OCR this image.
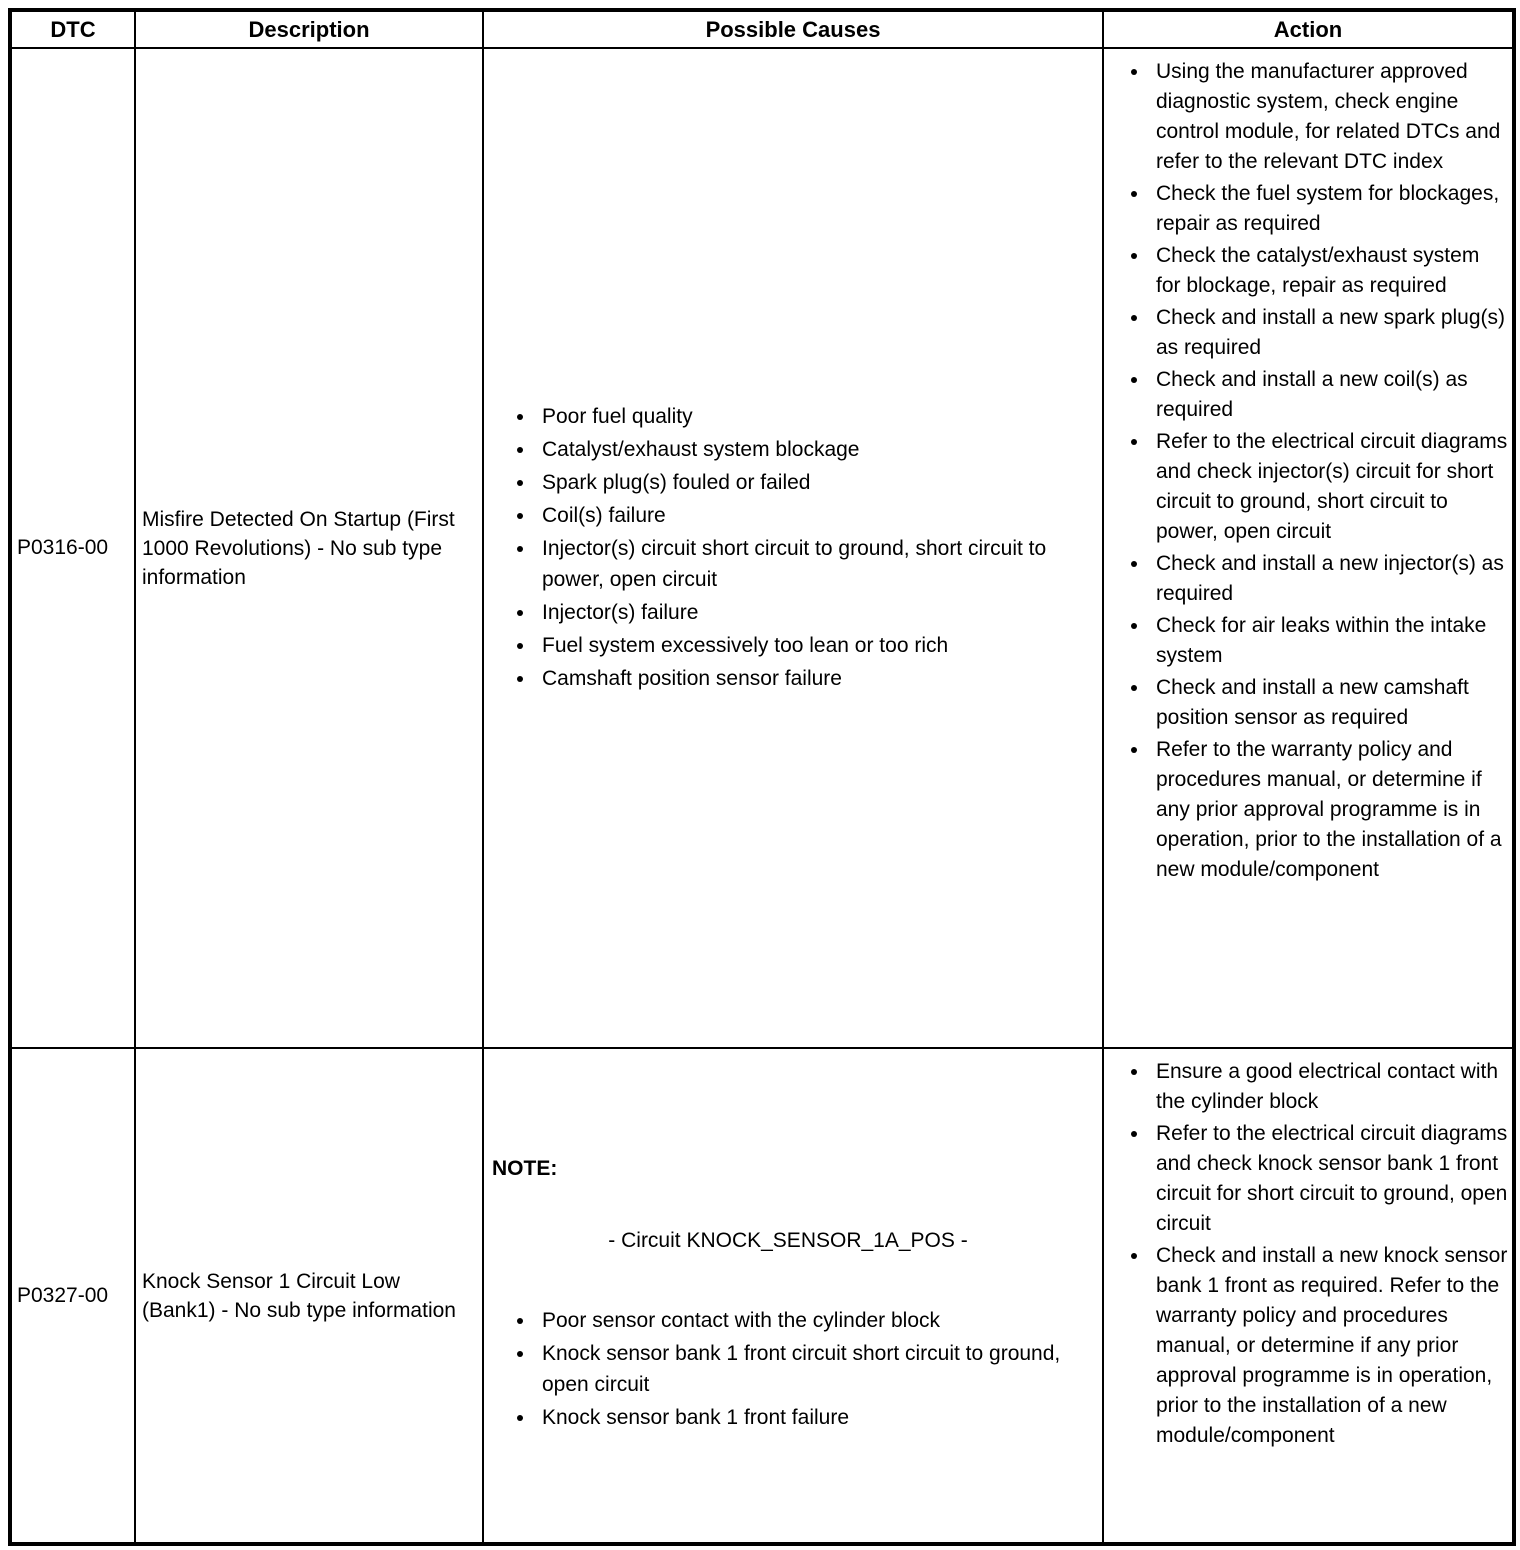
DTC	Description	Possible Causes	Action
P0316-00	Misfire Detected On Startup (First 1000 Revolutions) - No sub type information	
• Poor fuel quality
• Catalyst/exhaust system blockage
• Spark plug(s) fouled or failed
• Coil(s) failure
• Injector(s) circuit short circuit to ground, short circuit to power, open circuit
• Injector(s) failure
• Fuel system excessively too lean or too rich
• Camshaft position sensor failure

• Using the manufacturer approved diagnostic system, check engine control module, for related DTCs and refer to the relevant DTC index
• Check the fuel system for blockages, repair as required
• Check the catalyst/exhaust system for blockage, repair as required
• Check and install a new spark plug(s) as required
• Check and install a new coil(s) as required
• Refer to the electrical circuit diagrams and check injector(s) circuit for short circuit to ground, short circuit to power, open circuit
• Check and install a new injector(s) as required
• Check for air leaks within the intake system
• Check and install a new camshaft position sensor as required
• Refer to the warranty policy and procedures manual, or determine if any prior approval programme is in operation, prior to the installation of a new module/component

P0327-00	Knock Sensor 1 Circuit Low (Bank1) - No sub type information	
NOTE:
- Circuit KNOCK_SENSOR_1A_POS -
• Poor sensor contact with the cylinder block
• Knock sensor bank 1 front circuit short circuit to ground, open circuit
• Knock sensor bank 1 front failure

• Ensure a good electrical contact with the cylinder block
• Refer to the electrical circuit diagrams and check knock sensor bank 1 front circuit for short circuit to ground, open circuit
• Check and install a new knock sensor bank 1 front as required. Refer to the warranty policy and procedures manual, or determine if any prior approval programme is in operation, prior to the installation of a new module/component
